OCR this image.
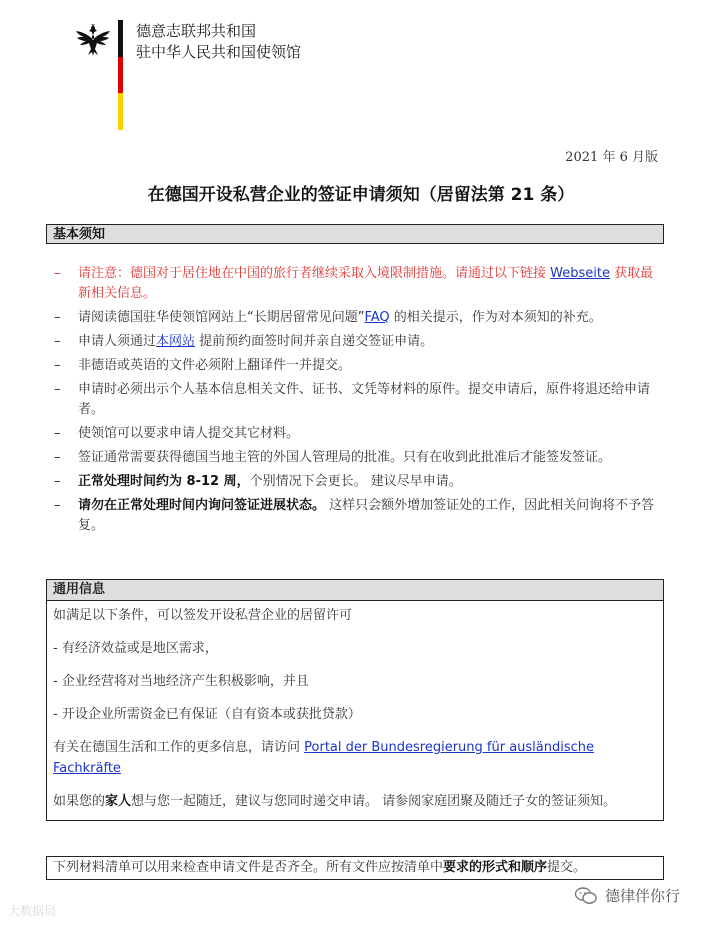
德意志联邦共和国
驻中华人民共和国使领馆
2021 年 6 月版
在德国开设私营企业的签证申请须知（居留法第 21 条）
基本须知
– 请注意：德国对于居住地在中国的旅行者继续采取入境限制措施。请通过以下链接 Webseite 获取最新相关信息。
– 请阅读德国驻华使领馆网站上“长期居留常见问题”FAQ 的相关提示，作为对本须知的补充。
– 申请人须通过本网站 提前预约面签时间并亲自递交签证申请。
– 非德语或英语的文件必须附上翻译件一并提交。
– 申请时必须出示个人基本信息相关文件、证书、文凭等材料的原件。提交申请后，原件将退还给申请者。
– 使领馆可以要求申请人提交其它材料。
– 签证通常需要获得德国当地主管的外国人管理局的批准。只有在收到此批准后才能签发签证。
– 正常处理时间约为 8-12 周，个别情况下会更长。 建议尽早申请。
– 请勿在正常处理时间内询问签证进展状态。 这样只会额外增加签证处的工作，因此相关问询将不予答复。
通用信息

如满足以下条件，可以签发开设私营企业的居留许可

- 有经济效益或是地区需求，

- 企业经营将对当地经济产生积极影响，并且

- 开设企业所需资金已有保证（自有资本或获批贷款）

有关在德国生活和工作的更多信息，请访问 Portal der Bundesregierung für ausländische Fachkräfte

如果您的家人想与您一起随迁，建议与您同时递交申请。 请参阅家庭团聚及随迁子女的签证须知。

下列材料清单可以用来检查申请文件是否齐全。所有文件应按清单中要求的形式和顺序提交。
德律伴你行
大数据局
